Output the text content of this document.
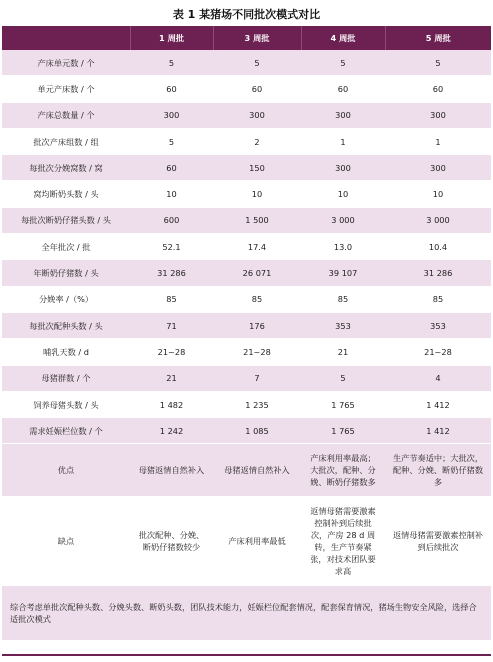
表 1 某猪场不同批次模式对比
	1 周批	3 周批	4 周批	5 周批
产床单元数 / 个	5	5	5	5
单元产床数 / 个	60	60	60	60
产床总数量 / 个	300	300	300	300
批次产床组数 / 组	5	2	1	1
每批次分娩窝数 / 窝	60	150	300	300
窝均断奶头数 / 头	10	10	10	10
每批次断奶仔猪头数 / 头	600	1 500	3 000	3 000
全年批次 / 批	52.1	17.4	13.0	10.4
年断奶仔猪数 / 头	31 286	26 071	39 107	31 286
分娩率 /（%）	85	85	85	85
每批次配种头数 / 头	71	176	353	353
哺乳天数 / d	21~28	21~28	21	21~28
母猪群数 / 个	21	7	5	4
饲养母猪头数 / 头	1 482	1 235	1 765	1 412
需求妊娠栏位数 / 个	1 242	1 085	1 765	1 412
优点	母猪返情自然补入	母猪返情自然补入	产床利用率最高；大批次，配种、分娩、断奶仔猪数多	生产节奏适中；大批次，配种、分娩、断奶仔猪数多
缺点	批次配种、分娩、断奶仔猪数较少	产床利用率最低	返情母猪需要激素控制补到后续批次，产房 28 d 周转，生产节奏紧张，对技术团队要求高	返情母猪需要激素控制补到后续批次
综合考虑单批次配种头数、分娩头数、断奶头数，团队技术能力，妊娠栏位配套情况，配套保育情况，猪场生物安全风险，选择合适批次模式				
